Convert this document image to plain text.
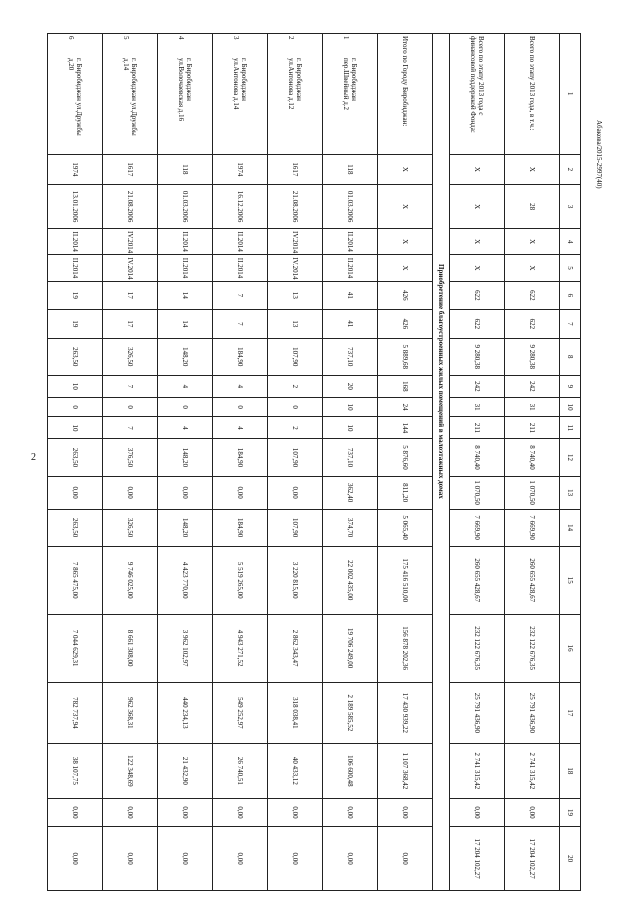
2
Aбакова/2015-2997(40)
1	2	3	4	5	6	7	8	9	10	11	12	13	14	15	16	17	18	19	20
Всего по этапу 2013 года, в т.ч.:	X	28	X	X	622	622	9 280,38	242	31	211	8 740,40	1 070,50	7 669,90	260 655 428,67	232 122 676,35	25 791 436,90	2 741 315,42	0,00	17 204 102,27
Всего по этапу 2013 года с финансовой поддержкой Фонда:	X	X	X	X	622	622	9 280,38	242	31	211	8 740,40	1 070,50	7 669,90	260 655 428,67	232 122 676,35	25 791 436,90	2 741 315,42	0,00	17 204 102,27
Приобретение благоустроенных жилых помещений в малоэтажных домах																			
Итого по Городу Биробиджан:	X	X	X	X	426	426	5 889,68	168	24	144	5 876,60	811,20	5 065,40	175 416 510,00	156 878 202,36	17 430 939,22	1 107 368,42	0,00	0,00
1г. Биробиджан пер.Швейный д.2	118	01.03.2006	II.2014	II.2014	41	41	737,10	20	10	10	737,10	362,40	374,70	22 002 435,00	19 706 249,00	2 189 585,52	106 600,48	0,00	0,00
2г. Биробиджан ул.Антонова д.12	1617	21.08.2006	IV.2014	IV.2014	13	13	107,90	2	0	2	107,90	0,00	107,90	3 220 815,00	2 862 343,47	318 038,41	40 433,12	0,00	0,00
3г. Биробиджан ул.Антонова д.14	1974	16.12.2006	II.2014	II.2014	7	7	184,90	4	0	4	184,90	0,00	184,90	5 519 265,00	4 943 271,52	549 252,97	26 740,51	0,00	0,00
4г. Биробиджан ул.Волочаевская д.16	118	01.03.2006	II.2014	II.2014	14	14	148,20	4	0	4	148,20	0,00	148,20	4 423 770,00	3 962 102,97	440 234,13	21 432,90	0,00	0,00
5г. Биробиджан ул.Дружбы д.14	1617	21.08.2006	IV.2014	IV.2014	17	17	326,50	7	0	7	376,50	0,00	326,50	9 746 025,00	8 661 308,00	962 368,31	122 348,69	0,00	0,00
6г. Биробиджан ул.Дружбы д.20	1974	13.01.2006	II.2014	II.2014	19	19	263,50	10	0	10	263,50	0,00	263,50	7 865 475,00	7 044 629,31	782 737,94	38 107,75	0,00	0,00
